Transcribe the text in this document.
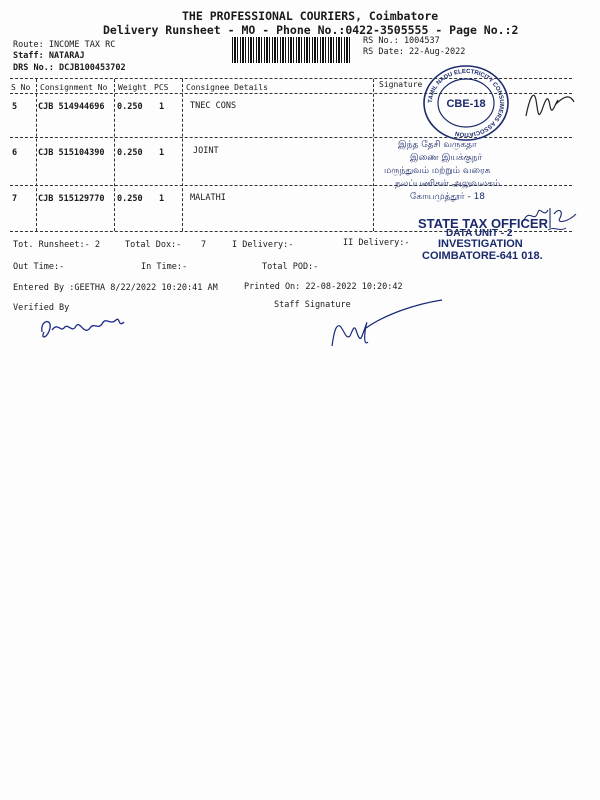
THE PROFESSIONAL COURIERS, Coimbatore
Delivery Runsheet - MO - Phone No.:0422-3505555 - Page No.:2
Route: INCOME TAX RC
Staff: NATARAJ
DRS No.: DCJB100453702
RS No.: 1004537
RS Date: 22-Aug-2022
S No Consignment No Weight PCS Consignee Details	Signature
5 CJB 514944696 0.250 1	TNEC CONS
6 CJB 515104390 0.250 1	JOINT
7 CJB 515129770 0.250 1	MALATHI
Tot. Runsheet:- 2	Total Dox:- 7	I Delivery:-	II Delivery:-
Out Time:-	In Time:-	Total POD:-
Entered By :GEETHA 8/22/2022 10:20:41 AM	Printed On: 22-08-2022 10:20:42
Verified By	Staff Signature
TAMIL NADU ELECTRICITY CONSUMERS ASSOCIATION
CBE-18
இந்த தேசி வருகதா
இணை இயக்குநர்
மருந்துவம் மற்றும் வரைக
நலப்பணிகள் அலுவலகம்
கோயமுத்தூர் - 18
STATE TAX OFFICER
DATA UNIT - 2
INVESTIGATION
COIMBATORE-641 018.
